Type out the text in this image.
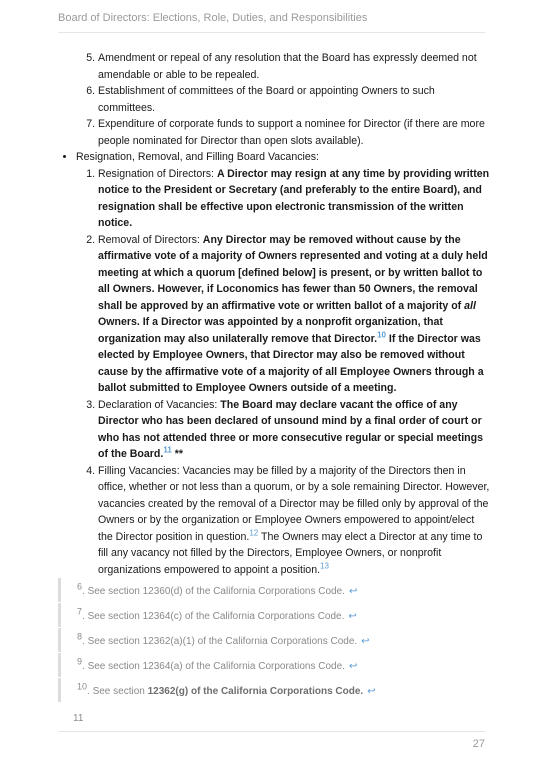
Board of Directors: Elections, Role, Duties, and Responsibilities
5. Amendment or repeal of any resolution that the Board has expressly deemed not amendable or able to be repealed.
6. Establishment of committees of the Board or appointing Owners to such committees.
7. Expenditure of corporate funds to support a nominee for Director (if there are more people nominated for Director than open slots available).
• Resignation, Removal, and Filling Board Vacancies:
1. Resignation of Directors: A Director may resign at any time by providing written notice to the President or Secretary (and preferably to the entire Board), and resignation shall be effective upon electronic transmission of the written notice.
2. Removal of Directors: Any Director may be removed without cause by the affirmative vote of a majority of Owners represented and voting at a duly held meeting at which a quorum [defined below] is present, or by written ballot to all Owners. However, if Loconomics has fewer than 50 Owners, the removal shall be approved by an affirmative vote or written ballot of a majority of all Owners. If a Director was appointed by a nonprofit organization, that organization may also unilaterally remove that Director.$^{10}$ If the Director was elected by Employee Owners, that Director may also be removed without cause by the affirmative vote of a majority of all Employee Owners through a ballot submitted to Employee Owners outside of a meeting.
3. Declaration of Vacancies: The Board may declare vacant the office of any Director who has been declared of unsound mind by a final order of court or who has not attended three or more consecutive regular or special meetings of the Board.$^{11}$ **
4. Filling Vacancies: Vacancies may be filled by a majority of the Directors then in office, whether or not less than a quorum, or by a sole remaining Director. However, vacancies created by the removal of a Director may be filled only by approval of the Owners or by the organization or Employee Owners empowered to appoint/elect the Director position in question.$^{12}$ The Owners may elect a Director at any time to fill any vacancy not filled by the Directors, Employee Owners, or nonprofit organizations empowered to appoint a position.$^{13}$
$^6$. See section 12360(d) of the California Corporations Code. ↩
$^7$. See section 12364(c) of the California Corporations Code. ↩
$^8$. See section 12362(a)(1) of the California Corporations Code. ↩
$^9$. See section 12364(a) of the California Corporations Code. ↩
$^{10}$. See section 12362(g) of the California Corporations Code. ↩
11
27
